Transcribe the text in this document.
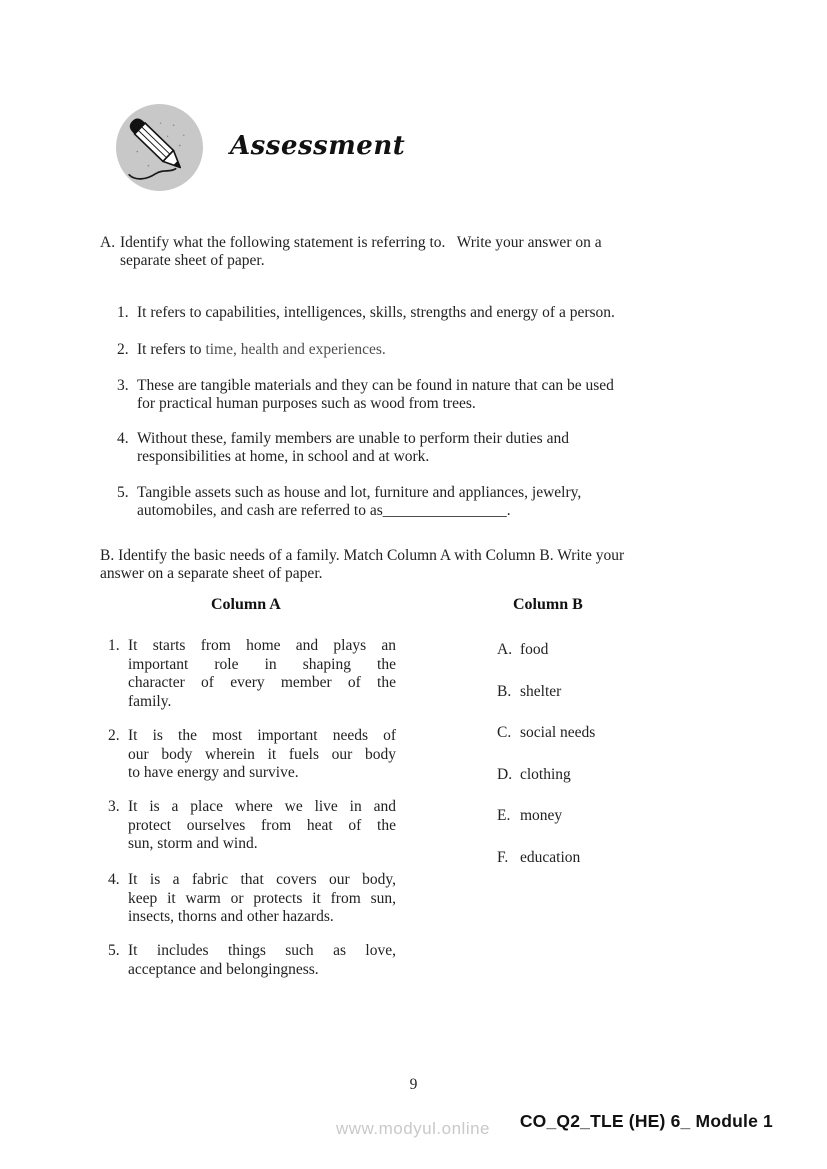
Assessment
A. Identify what the following statement is referring to.   Write your answer on a
separate sheet of paper.
1. It refers to capabilities, intelligences, skills, strengths and energy of a person.
2. It refers to time, health and experiences.
3. These are tangible materials and they can be found in nature that can be used
for practical human purposes such as wood from trees.
4. Without these, family members are unable to perform their duties and
responsibilities at home, in school and at work.
5. Tangible assets such as house and lot, furniture and appliances, jewelry,
automobiles, and cash are referred to as________________.
B. Identify the basic needs of a family. Match Column A with Column B. Write your
answer on a separate sheet of paper.
Column A	Column B
1. It starts from home and plays an
important role in shaping the
character of every member of the
family.
2. It is the most important needs of
our body wherein it fuels our body
to have energy and survive.
3. It is a place where we live in and
protect ourselves from heat of the
sun, storm and wind.
4. It is a fabric that covers our body,
keep it warm or protects it from sun,
insects, thorns and other hazards.
5. It includes things such as love,
acceptance and belongingness.
A. food
B. shelter
C. social needs
D. clothing
E. money
F. education
9
www.modyul.online CO_Q2_TLE (HE) 6_ Module 1
